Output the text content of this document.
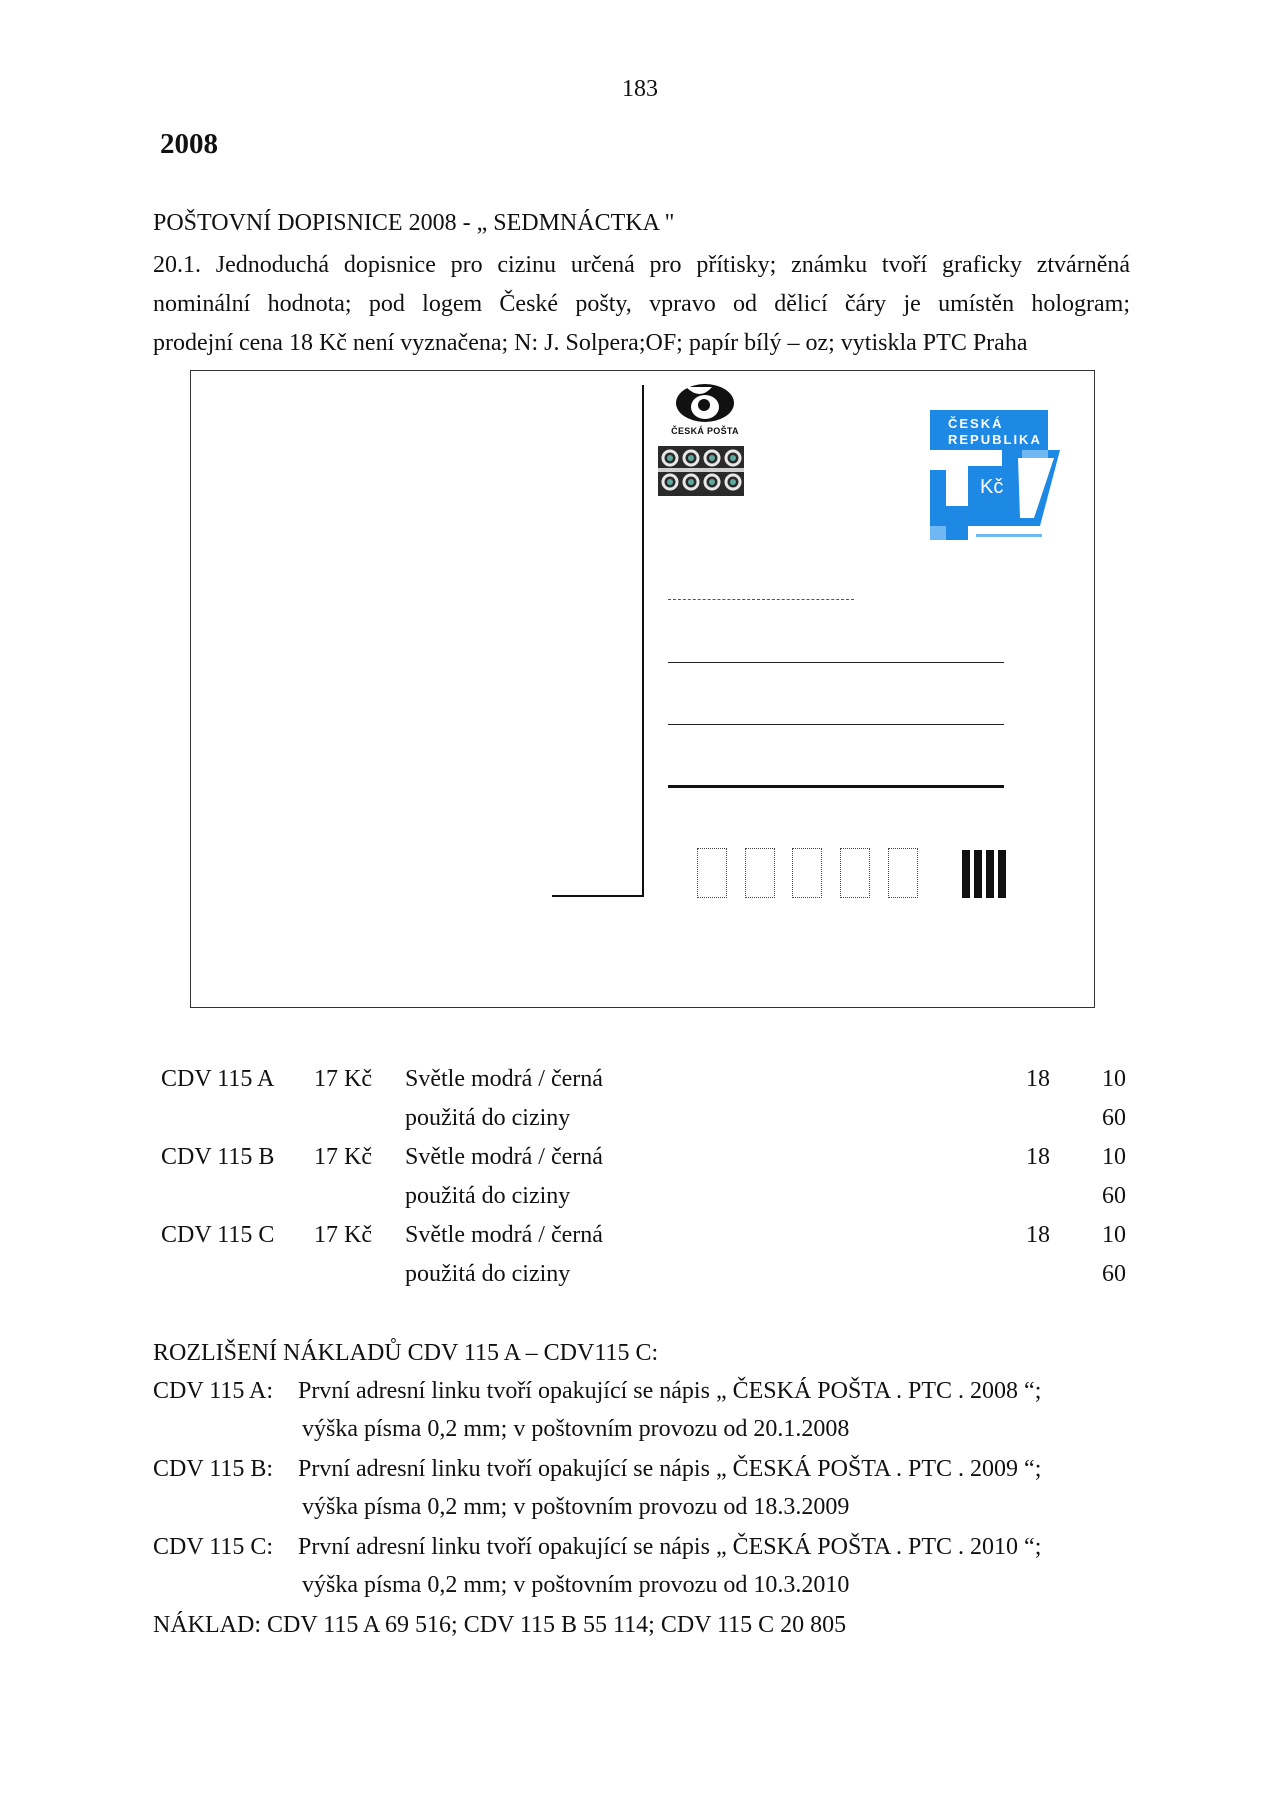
183
2008
POŠTOVNÍ DOPISNICE 2008 - „ SEDMNÁCTKA "
20.1. Jednoduchá dopisnice pro cizinu určená pro přítisky; známku tvoří graficky ztvárněná
nominální hodnota; pod logem České pošty, vpravo od dělicí čáry je umístěn hologram;
prodejní cena 18 Kč není vyznačena; N: J. Solpera;OF; papír bílý – oz; vytiskla PTC Praha
ČESKÁ POŠTA	ČESKÁ
REPUBLIKA
Kč
CDV 115 A 17 Kč Světle modrá / černá	18 10
použitá do ciziny	60
CDV 115 B 17 Kč Světle modrá / černá	18 10
použitá do ciziny	60
CDV 115 C 17 Kč Světle modrá / černá	18 10
použitá do ciziny	60
ROZLIŠENÍ NÁKLADŮ CDV 115 A – CDV115 C:
CDV 115 A: První adresní linku tvoří opakující se nápis „ ČESKÁ POŠTA . PTC . 2008 “;
výška písma 0,2 mm; v poštovním provozu od 20.1.2008
CDV 115 B: První adresní linku tvoří opakující se nápis „ ČESKÁ POŠTA . PTC . 2009 “;
výška písma 0,2 mm; v poštovním provozu od 18.3.2009
CDV 115 C: První adresní linku tvoří opakující se nápis „ ČESKÁ POŠTA . PTC . 2010 “;
výška písma 0,2 mm; v poštovním provozu od 10.3.2010
NÁKLAD: CDV 115 A 69 516; CDV 115 B 55 114; CDV 115 C 20 805
